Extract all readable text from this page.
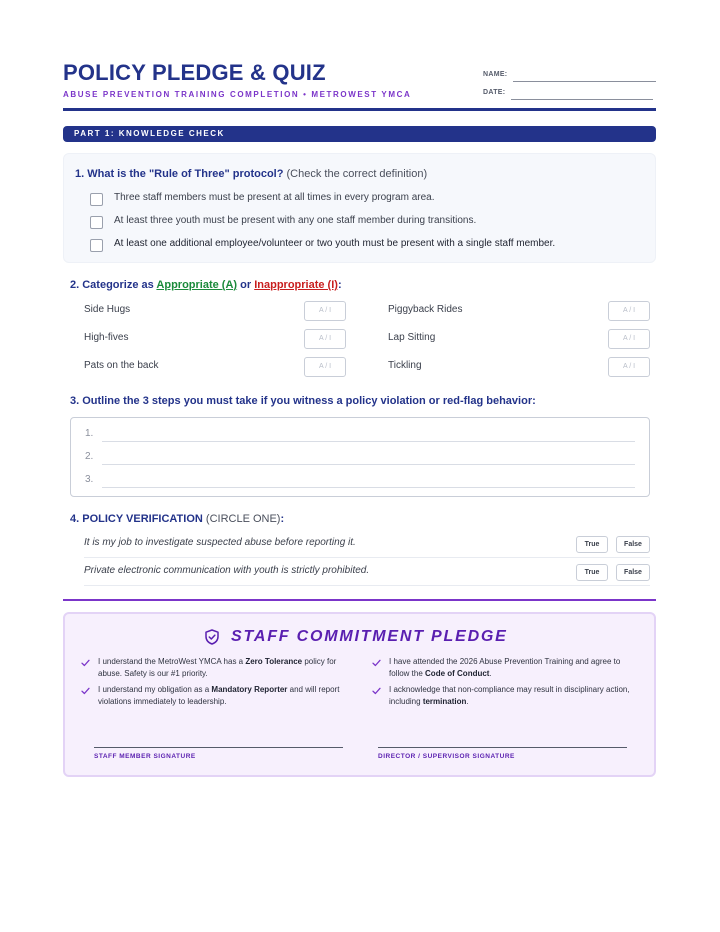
POLICY PLEDGE & QUIZ
ABUSE PREVENTION TRAINING COMPLETION • METROWEST YMCA
NAME:
DATE:
PART 1: KNOWLEDGE CHECK
1. What is the "Rule of Three" protocol? (Check the correct definition)
Three staff members must be present at all times in every program area.
At least three youth must be present with any one staff member during transitions.
At least one additional employee/volunteer or two youth must be present with a single staff member.
2. Categorize as Appropriate (A) or Inappropriate (I):
Side Hugs	A / I	Piggyback Rides	A / I
High-fives	A / I	Lap Sitting	A / I
Pats on the back	A / I	Tickling	A / I
3. Outline the 3 steps you must take if you witness a policy violation or red-flag behavior:
1.
2.
3.
4. POLICY VERIFICATION (CIRCLE ONE):
It is my job to investigate suspected abuse before reporting it.	True	False
Private electronic communication with youth is strictly prohibited.	True	False
STAFF COMMITMENT PLEDGE
I understand the MetroWest YMCA has a Zero Tolerance policy for abuse. Safety is our #1 priority.
I have attended the 2026 Abuse Prevention Training and agree to follow the Code of Conduct.
I understand my obligation as a Mandatory Reporter and will report violations immediately to leadership.
I acknowledge that non-compliance may result in disciplinary action, including termination.
STAFF MEMBER SIGNATURE	DIRECTOR / SUPERVISOR SIGNATURE
